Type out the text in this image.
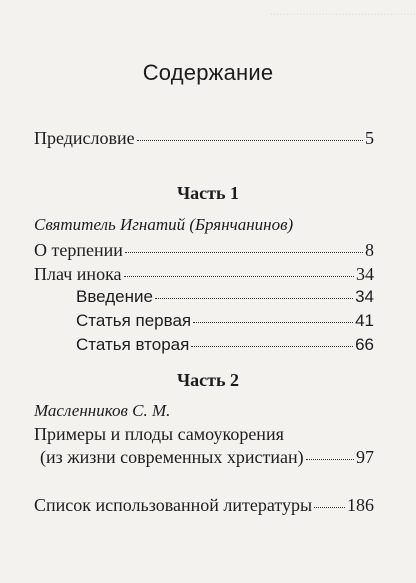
.............................................
Содержание
Предисловие	5
Часть 1
Святитель Игнатий (Брянчанинов)
О терпении	8
Плач инока	34
Введение	34
Статья первая	41
Статья вторая	66
Часть 2
Масленников С. М.
Примеры и плоды самоукорения
(из жизни современных христиан)	97
Список использованной литературы 186
